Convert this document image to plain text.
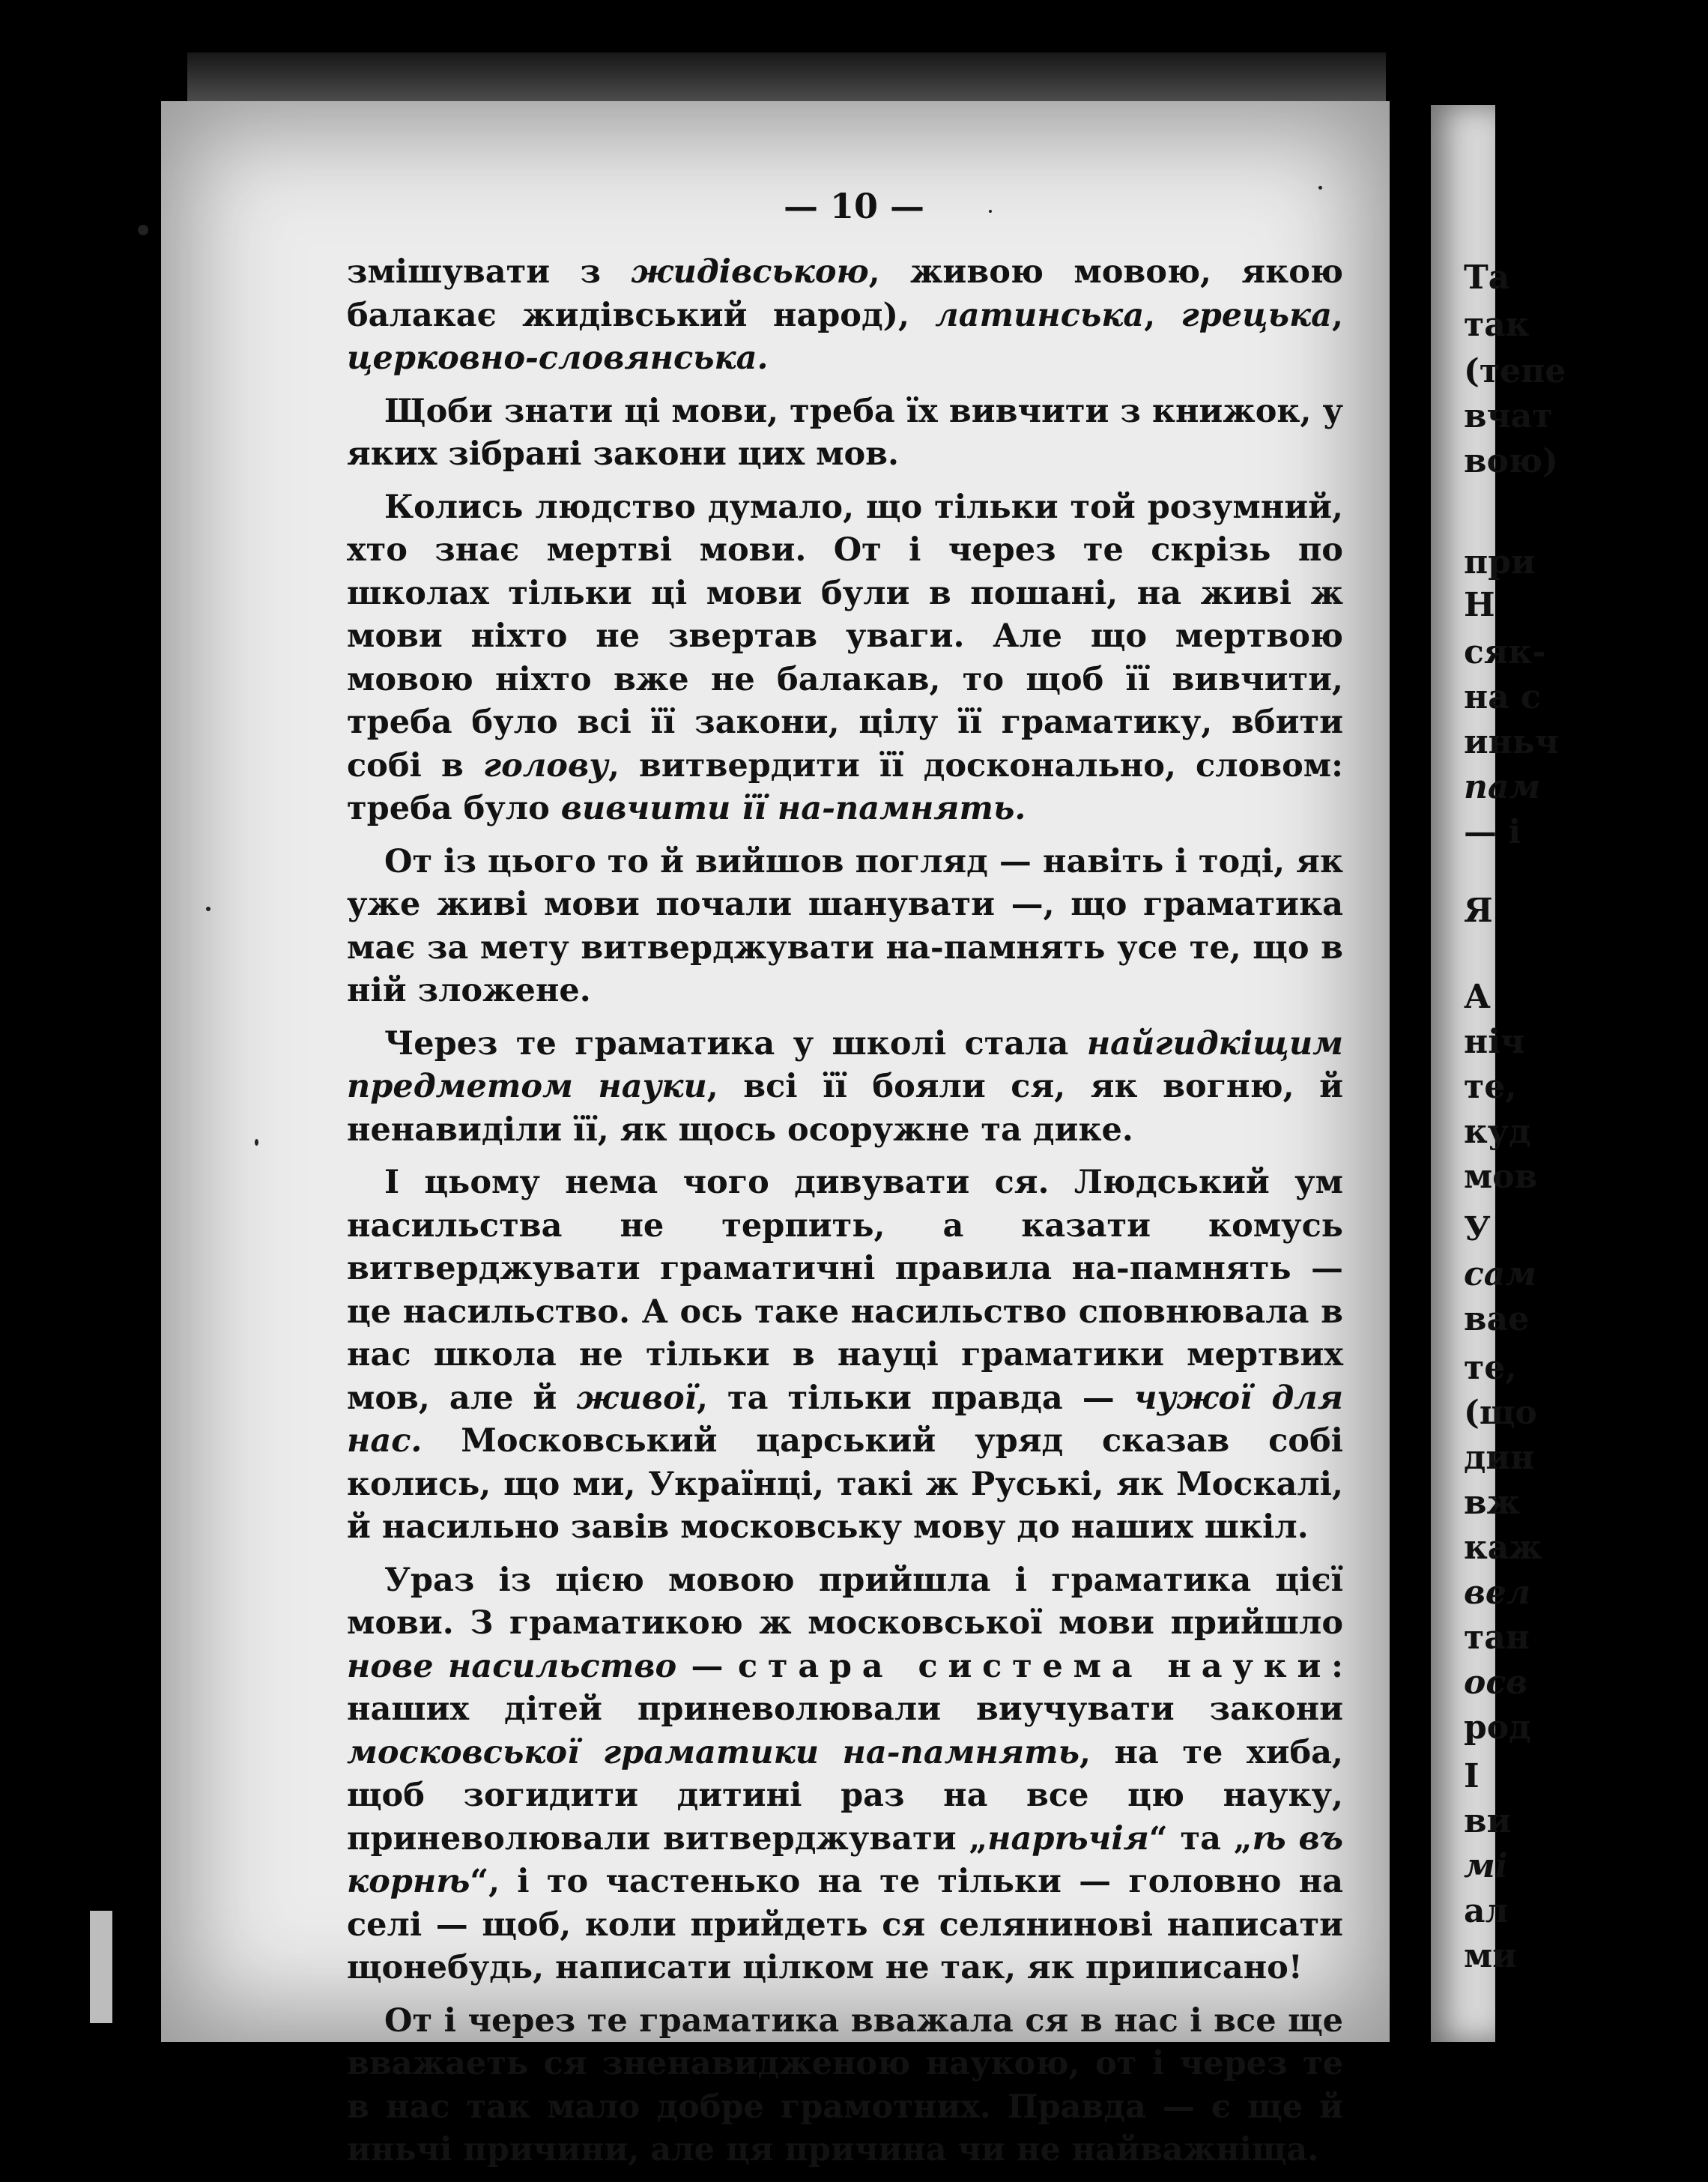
— 10 —

змішувати з жидівською, живою мовою, якою балакає жидівський народ), латинська, грецька, церковно-словянська.

Щоби знати ці мови, треба їх вивчити з книжок, у яких зібрані закони цих мов.

Колись людство думало, що тільки той розумний, хто знає мертві мови. От і через те скрізь по школах тільки ці мови були в пошані, на живі ж мови ніхто не звертав уваги. Але що мертвою мовою ніхто вже не балакав, то щоб її вивчити, треба було всі її закони, цілу її граматику, вбити собі в голову, витвердити її досконально, словом: треба було вивчити її на-памнять.

От із цього то й вийшов погляд — навіть і тоді, як уже живі мови почали шанувати —, що граматика має за мету витверджувати на-памнять усе те, що в ній зложене.

Через те граматика у школі стала найгидкіщим предметом науки, всі її бояли ся, як вогню, й ненавиділи її, як щось осоружне та дике.

І цьому нема чого дивувати ся. Людський ум насильства не терпить, а казати комусь витверджувати граматичні правила на-памнять — це насильство. А ось таке насильство сповнювала в нас школа не тільки в науці граматики мертвих мов, але й живої, та тільки правда — чужої для нас. Московський царський уряд сказав собі колись, що ми, Українці, такі ж Руські, як Москалі, й насильно завів московську мову до наших шкіл.

Ураз із цією мовою прийшла і граматика цієї мови. З граматикою ж московської мови прийшло нове насильство — стара система науки: наших дітей приневолювали виучувати закони московської граматики на-памнять, на те хиба, щоб зогидити дитині раз на все цю науку, приневолювали витверджувати „нарѣчія“ та „ѣ въ корнѣ“, і то частенько на те тільки — головно на селі — щоб, коли прийдеть ся селянинові написати щонебудь, написати цілком не так, як приписано!

От і через те граматика вважала ся в нас і все ще вважаеть ся зненавидженою наукою, от і через те в нас так мало добре грамотних. Правда — є ще й иньчі причини, але ця причина чи не найважніща.

Та
так
(тепе
вчат
вою)
при
Н
сяк-
на с
иньч
пам
— і
Я
А
ніч
те,
куд
мов
У
сам
вае
те,
(що
дин
вж
каж
вел
тан
осв
род
І
ви
мі
ал
ми
